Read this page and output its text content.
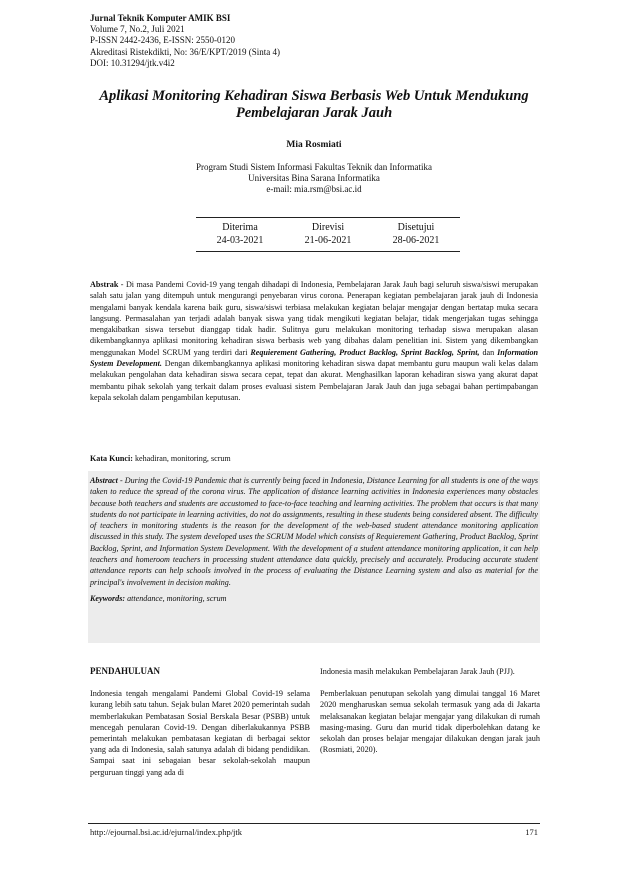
Jurnal Teknik Komputer AMIK BSI
Volume 7, No.2, Juli 2021
P-ISSN 2442-2436, E-ISSN: 2550-0120
Akreditasi Ristekdikti, No: 36/E/KPT/2019 (Sinta 4)
DOI: 10.31294/jtk.v4i2
Aplikasi Monitoring Kehadiran Siswa Berbasis Web Untuk Mendukung Pembelajaran Jarak Jauh
Mia Rosmiati
Program Studi Sistem Informasi Fakultas Teknik dan Informatika
Universitas Bina Sarana Informatika
e-mail: mia.rsm@bsi.ac.id
Diterima	Direvisi	Disetujui
24-03-2021	21-06-2021	28-06-2021
Abstrak - Di masa Pandemi Covid-19 yang tengah dihadapi di Indonesia, Pembelajaran Jarak Jauh bagi seluruh siswa/siswi merupakan salah satu jalan yang ditempuh untuk mengurangi penyebaran virus corona. Penerapan kegiatan pembelajaran jarak jauh di Indonesia mengalami banyak kendala karena baik guru, siswa/siswi terbiasa melakukan kegiatan belajar mengajar dengan bertatap muka secara langsung. Permasalahan yan terjadi adalah banyak siswa yang tidak mengikuti kegiatan belajar, tidak mengerjakan tugas sehingga mengakibatkan siswa tersebut dianggap tidak hadir. Sulitnya guru melakukan monitoring terhadap siswa merupakan alasan dikembangkannya aplikasi monitoring kehadiran siswa berbasis web yang dibahas dalam penelitian ini. Sistem yang dikembangkan menggunakan Model SCRUM yang terdiri dari Requierement Gathering, Product Backlog, Sprint Backlog, Sprint, dan Information System Development. Dengan dikembangkannya aplikasi monitoring kehadiran siswa dapat membantu guru maupun wali kelas dalam melakukan pengolahan data kehadiran siswa secara cepat, tepat dan akurat. Menghasilkan laporan kehadiran siswa yang akurat dapat membantu pihak sekolah yang terkait dalam proses evaluasi sistem Pembelajaran Jarak Jauh dan juga sebagai bahan pertimpabangan kepala sekolah dalam pengambilan keputusan.
Kata Kunci: kehadiran, monitoring, scrum
Abstract - During the Covid-19 Pandemic that is currently being faced in Indonesia, Distance Learning for all students is one of the ways taken to reduce the spread of the corona virus. The application of distance learning activities in Indonesia experiences many obstacles because both teachers and students are accustomed to face-to-face teaching and learning activities. The problem that occurs is that many students do not participate in learning activities, do not do assignments, resulting in these students being considered absent. The difficulty of teachers in monitoring students is the reason for the development of the web-based student attendance monitoring application discussed in this study. The system developed uses the SCRUM Model which consists of Requierement Gathering, Product Backlog, Sprint Backlog, Sprint, and Information System Development. With the development of a student attendance monitoring application, it can help teachers and homeroom teachers in processing student attendance data quickly, precisely and accurately. Producing accurate student attendance reports can help schools involved in the process of evaluating the Distance Learning system and also as material for the principal's involvement in decision making.
Keywords: attendance, monitoring, scrum
PENDAHULUAN
Indonesia tengah mengalami Pandemi Global Covid-19 selama kurang lebih satu tahun. Sejak bulan Maret 2020 pemerintah sudah memberlakukan Pembatasan Sosial Berskala Besar (PSBB) untuk mencegah penularan Covid-19. Dengan diberlakukannya PSBB pemerintah melakukan pembatasan kegiatan di berbagai sektor yang ada di Indonesia, salah satunya adalah di bidang pendidikan. Sampai saat ini sebagaian besar sekolah-sekolah maupun perguruan tinggi yang ada di
Indonesia masih melakukan Pembelajaran Jarak Jauh (PJJ).
Pemberlakuan penutupan sekolah yang dimulai tanggal 16 Maret 2020 mengharuskan semua sekolah termasuk yang ada di Jakarta melaksanakan kegiatan belajar mengajar yang dilakukan di rumah masing-masing. Guru dan murid tidak diperbolehkan datang ke sekolah dan proses belajar mengajar dilakukan dengan jarak jauh (Rosmiati, 2020).
http://ejournal.bsi.ac.id/ejurnal/index.php/jtk	171
